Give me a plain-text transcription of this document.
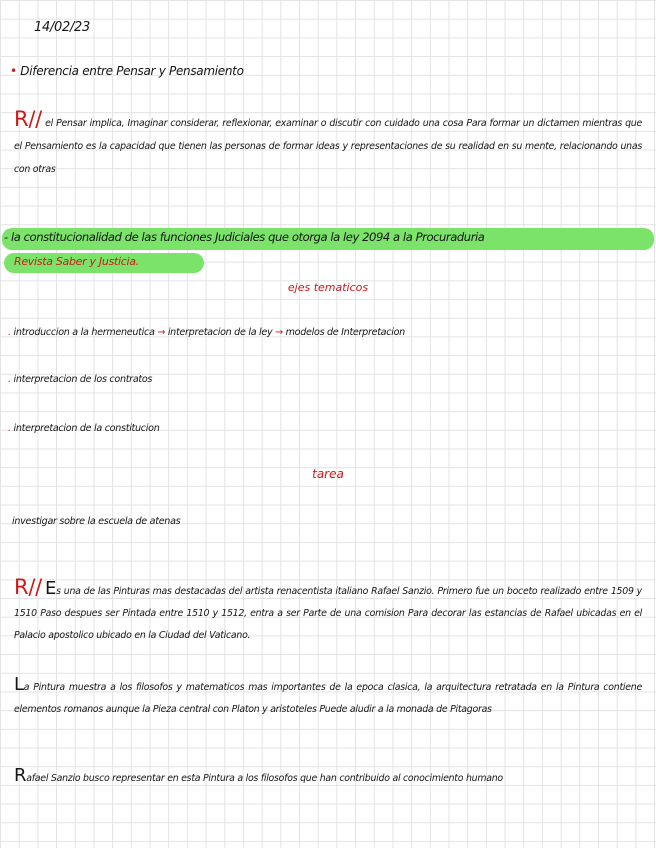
14/02/23
• Diferencia entre Pensar y Pensamiento
R// el Pensar implica, Imaginar considerar, reflexionar, examinar o discutir con cuidado una cosa Para formar un dictamen mientras que el Pensamiento es la capacidad que tienen las personas de formar ideas y representaciones de su realidad en su mente, relacionando unas con otras
- la constitucionalidad de las funciones Judiciales que otorga la ley 2094 a la Procuraduria
Revista Saber y Justicia.
ejes tematicos
. introduccion a la hermeneutica → interpretacion de la ley → modelos de Interpretacion
. interpretacion de los contratos
. interpretacion de la constitucion
tarea
investigar sobre la escuela de atenas
R// Es una de las Pinturas mas destacadas del artista renacentista italiano Rafael Sanzio. Primero fue un boceto realizado entre 1509 y 1510 Paso despues ser Pintada entre 1510 y 1512, entra a ser Parte de una comision Para decorar las estancias de Rafael ubicadas en el Palacio apostolico ubicado en la Ciudad del Vaticano.
La Pintura muestra a los filosofos y matematicos mas importantes de la epoca clasica, la arquitectura retratada en la Pintura contiene elementos romanos aunque la Pieza central con Platon y aristoteles Puede aludir a la monada de Pitagoras
Rafael Sanzio busco representar en esta Pintura a los filosofos que han contribuido al conocimiento humano
